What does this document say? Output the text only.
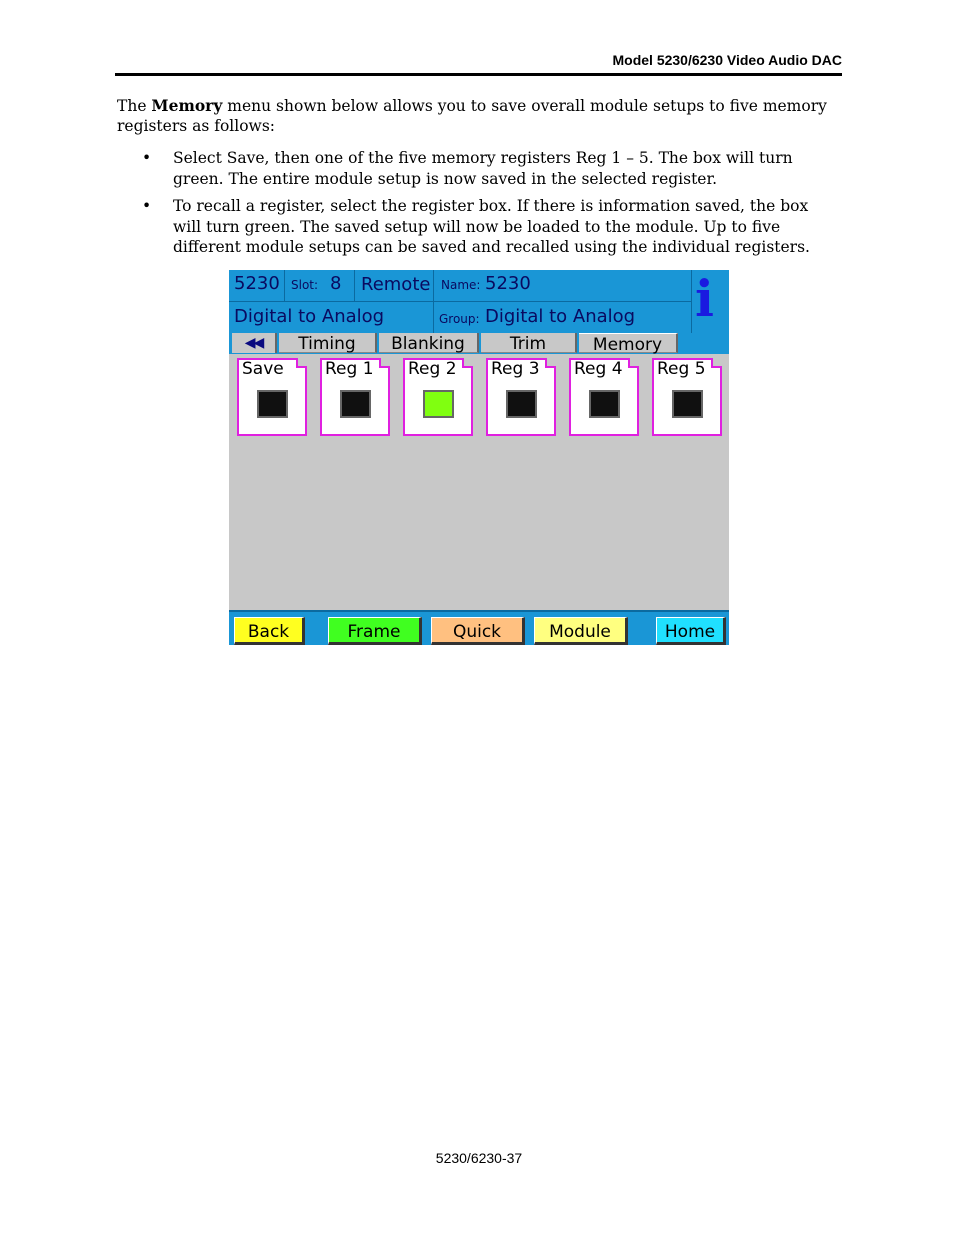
Model 5230/6230 Video Audio DAC

The Memory menu shown below allows you to save overall module setups to five memory registers as follows:

• Select Save, then one of the five memory registers Reg 1 – 5. The box will turn green. The entire module setup is now saved in the selected register.
• To recall a register, select the register box. If there is information saved, the box will turn green. The saved setup will now be loaded to the module. Up to five different module setups can be saved and recalled using the individual registers.
5230 Slot: 8 Remote Name: 5230
Digital to Analog	Group: Digital to Analog i
◀◀	Timing	Blanking	Trim	Memory
Save Reg 1 Reg 2 Reg 3 Reg 4 Reg 5
Back	Frame	Quick	Module	Home
5230/6230-37
